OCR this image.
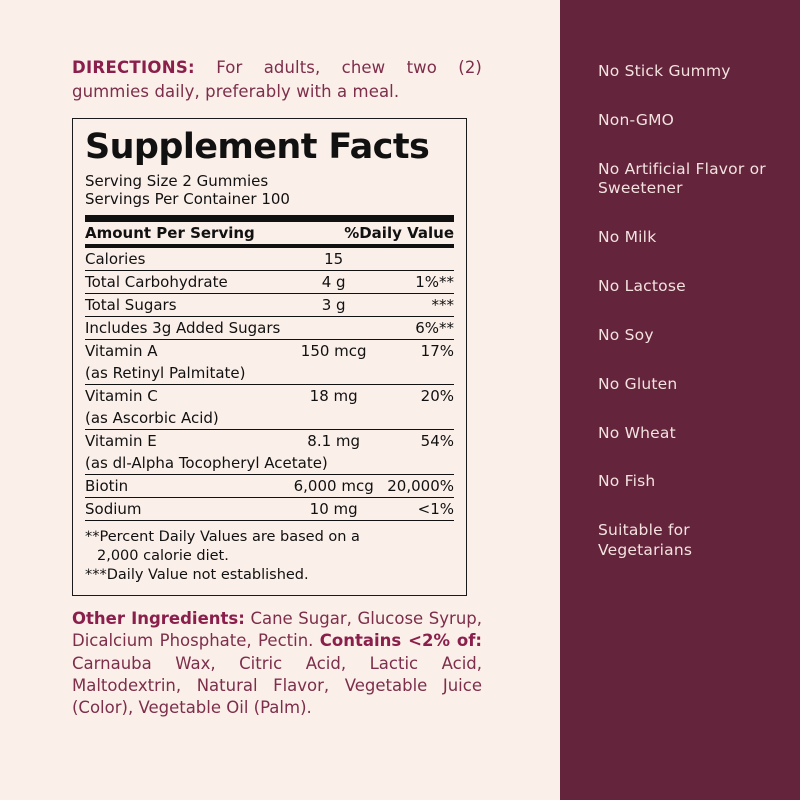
DIRECTIONS: For adults, chew two (2) gummies daily, preferably with a meal.
Supplement Facts
Serving Size 2 Gummies
Servings Per Container 100
Amount Per Serving	%Daily Value
Calories	15	
Total Carbohydrate	4 g	1%**
Total Sugars	3 g	***
Includes 3g Added Sugars		6%**
Vitamin A	150 mcg	17%
(as Retinyl Palmitate)		
Vitamin C	18 mg	20%
(as Ascorbic Acid)		
Vitamin E	8.1 mg	54%
(as dl-Alpha Tocopheryl Acetate)		
Biotin	6,000 mcg	20,000%
Sodium	10 mg	<1%
**Percent Daily Values are based on a
2,000 calorie diet.
***Daily Value not established.
Other Ingredients: Cane Sugar, Glucose Syrup, Dicalcium Phosphate, Pectin. Contains <2% of: Carnauba Wax, Citric Acid, Lactic Acid, Maltodextrin, Natural Flavor, Vegetable Juice (Color), Vegetable Oil (Palm).
No Stick Gummy
Non-GMO
No Artificial Flavor or Sweetener
No Milk
No Lactose
No Soy
No Gluten
No Wheat
No Fish
Suitable for Vegetarians
